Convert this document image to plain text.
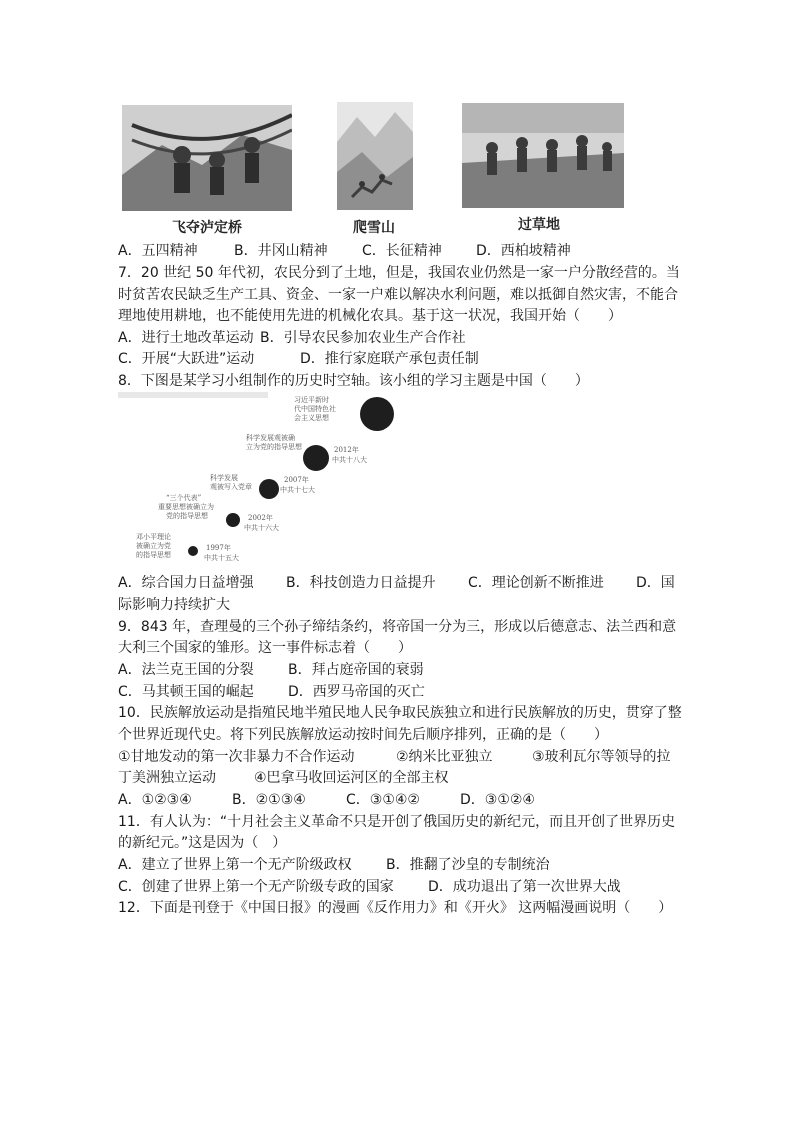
飞夺泸定桥	爬雪山	过草地
A．五四精神	B．井冈山精神 C．长征精神 D．西柏坡精神
7．20 世纪 50 年代初，农民分到了土地，但是，我国农业仍然是一家一户分散经营的。当
时贫苦农民缺乏生产工具、资金、一家一户难以解决水利问题，难以抵御自然灾害，不能合
理地使用耕地，也不能使用先进的机械化农具。基于这一状况，我国开始（　　）
A．进行土地改革运动 B．引导农民参加农业生产合作社
C．开展“大跃进”运动	D．推行家庭联产承包责任制
8．下图是某学习小组制作的历史时空轴。该小组的学习主题是中国（　　）
邓小平理论被确立为党的指导思想
1997年
中共十五大
“三个代表”重要思想被确立为党的指导思想	2002年
中共十六大
科学发展观被写入党章
2007年
中共十七大
科学发展观被确立为党的指导思想	2012年
中共十八大
习近平新时代中国特色社会主义思想
A．综合国力日益增强 B．科技创造力日益提升 C．理论创新不断推进 D．国
际影响力持续扩大
9．843 年，查理曼的三个孙子缔结条约，将帝国一分为三，形成以后德意志、法兰西和意
大利三个国家的雏形。这一事件标志着（　　）
A．法兰克王国的分裂 B．拜占庭帝国的衰弱
C．马其顿王国的崛起 D．西罗马帝国的灭亡
10．民族解放运动是指殖民地半殖民地人民争取民族独立和进行民族解放的历史，贯穿了整
个世界近现代史。将下列民族解放运动按时间先后顺序排列，正确的是（　　）
①甘地发动的第一次非暴力不合作运动	②纳米比亚独立	③玻利瓦尔等领导的拉
丁美洲独立运动	④巴拿马收回运河区的全部主权
A．①②③④	B．②①③④	C．③①④②	D．③①②④
11．有人认为：“十月社会主义革命不只是开创了俄国历史的新纪元，而且开创了世界历史
的新纪元。”这是因为（　）
A．建立了世界上第一个无产阶级政权 B．推翻了沙皇的专制统治
C．创建了世界上第一个无产阶级专政的国家 D．成功退出了第一次世界大战
12．下面是刊登于《中国日报》的漫画《反作用力》和《开火》 这两幅漫画说明（　　）
